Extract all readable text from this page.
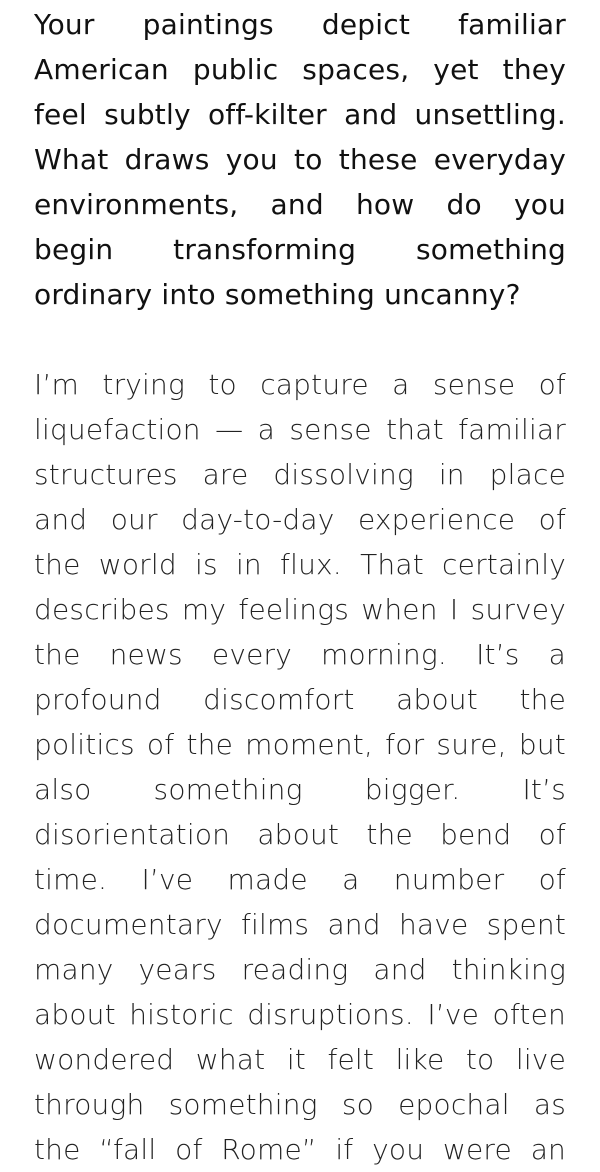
Your paintings depict familiar
American public spaces, yet they
feel subtly off-kilter and unsettling.
What draws you to these everyday
environments, and how do you
begin transforming something
ordinary into something uncanny?
I’m trying to capture a sense of
liquefaction — a sense that familiar
structures are dissolving in place
and our day-to-day experience of
the world is in flux. That certainly
describes my feelings when I survey
the news every morning. It’s a
profound discomfort about the
politics of the moment, for sure, but
also something bigger. It’s
disorientation about the bend of
time. I’ve made a number of
documentary films and have spent
many years reading and thinking
about historic disruptions. I’ve often
wondered what it felt like to live
through something so epochal as
the “fall of Rome” if you were an
